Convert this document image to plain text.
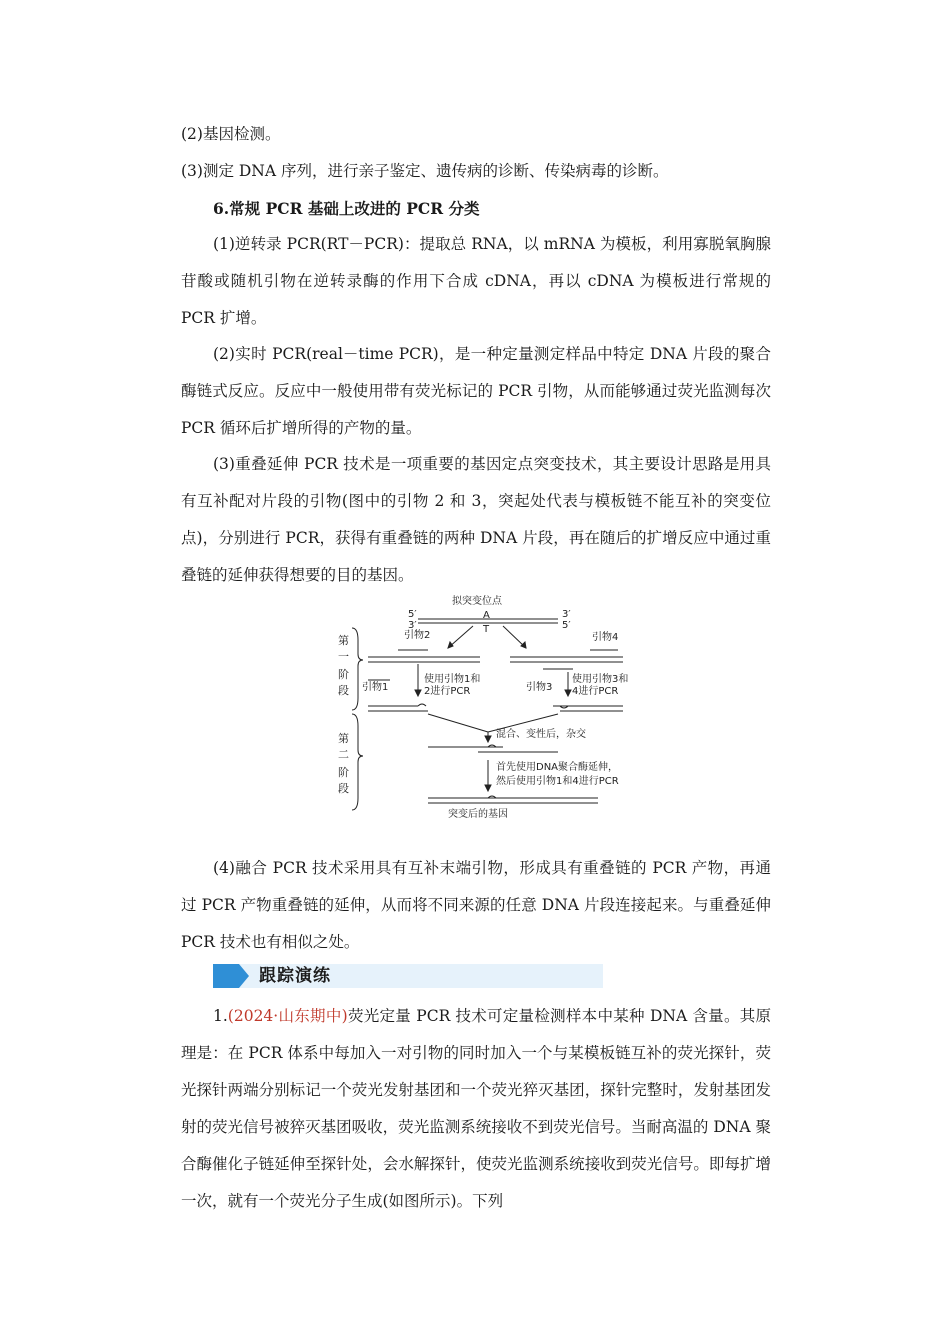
(2)基因检测。

(3)测定 DNA 序列，进行亲子鉴定、遗传病的诊断、传染病毒的诊断。

6.常规 PCR 基础上改进的 PCR 分类

(1)逆转录 PCR(RT－PCR)：提取总 RNA，以 mRNA 为模板，利用寡脱氧胸腺苷酸或随机引物在逆转录酶的作用下合成 cDNA，再以 cDNA 为模板进行常规的 PCR 扩增。

(2)实时 PCR(real－time PCR)，是一种定量测定样品中特定 DNA 片段的聚合酶链式反应。反应中一般使用带有荧光标记的 PCR 引物，从而能够通过荧光监测每次 PCR 循环后扩增所得的产物的量。

(3)重叠延伸 PCR 技术是一项重要的基因定点突变技术，其主要设计思路是用具有互补配对片段的引物(图中的引物 2 和 3，突起处代表与模板链不能互补的突变位点)，分别进行 PCR，获得有重叠链的两种 DNA 片段，再在随后的扩增反应中通过重叠链的延伸获得想要的目的基因。

拟突变位点
5′
3′
3′
5′
A
T
引物2	引物4
引物1	引物3
使用引物1和
2进行PCR
使用引物3和
4进行PCR
混合、变性后，杂交
首先使用DNA聚合酶延伸，
然后使用引物1和4进行PCR
突变后的基因
第
一
阶
段
第
二
阶
段

(4)融合 PCR 技术采用具有互补末端引物，形成具有重叠链的 PCR 产物，再通过 PCR 产物重叠链的延伸，从而将不同来源的任意 DNA 片段连接起来。与重叠延伸 PCR 技术也有相似之处。

跟踪演练

1.(2024·山东期中)荧光定量 PCR 技术可定量检测样本中某种 DNA 含量。其原理是：在 PCR 体系中每加入一对引物的同时加入一个与某模板链互补的荧光探针，荧光探针两端分别标记一个荧光发射基团和一个荧光猝灭基团，探针完整时，发射基团发射的荧光信号被猝灭基团吸收，荧光监测系统接收不到荧光信号。当耐高温的 DNA 聚合酶催化子链延伸至探针处，会水解探针，使荧光监测系统接收到荧光信号。即每扩增一次，就有一个荧光分子生成(如图所示)。下列
